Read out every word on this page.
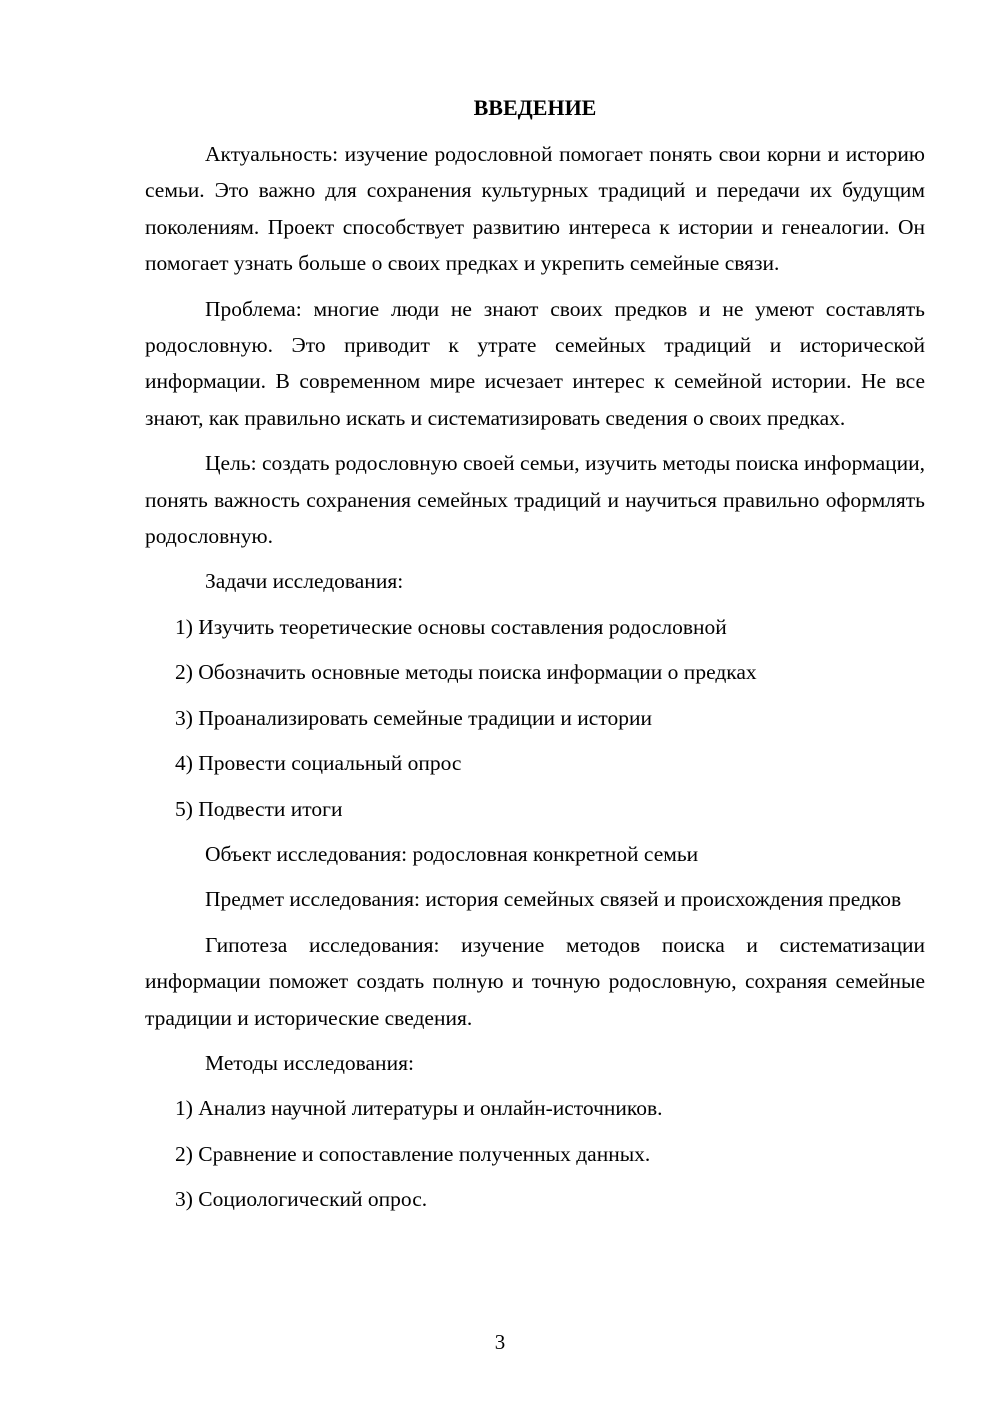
ВВЕДЕНИЕ

Актуальность: изучение родословной помогает понять свои корни и историю семьи. Это важно для сохранения культурных традиций и передачи их будущим поколениям. Проект способствует развитию интереса к истории и генеалогии. Он помогает узнать больше о своих предках и укрепить семейные связи.

Проблема: многие люди не знают своих предков и не умеют составлять родословную. Это приводит к утрате семейных традиций и исторической информации. В современном мире исчезает интерес к семейной истории. Не все знают, как правильно искать и систематизировать сведения о своих предках.

Цель: создать родословную своей семьи, изучить методы поиска информации, понять важность сохранения семейных традиций и научиться правильно оформлять родословную.

Задачи исследования:

1) Изучить теоретические основы составления родословной

2) Обозначить основные методы поиска информации о предках

3) Проанализировать семейные традиции и истории

4) Провести социальный опрос

5) Подвести итоги

Объект исследования: родословная конкретной семьи

Предмет исследования: история семейных связей и происхождения предков

Гипотеза исследования: изучение методов поиска и систематизации информации поможет создать полную и точную родословную, сохраняя семейные традиции и исторические сведения.

Методы исследования:

1) Анализ научной литературы и онлайн-источников.

2) Сравнение и сопоставление полученных данных.

3) Социологический опрос.

3
